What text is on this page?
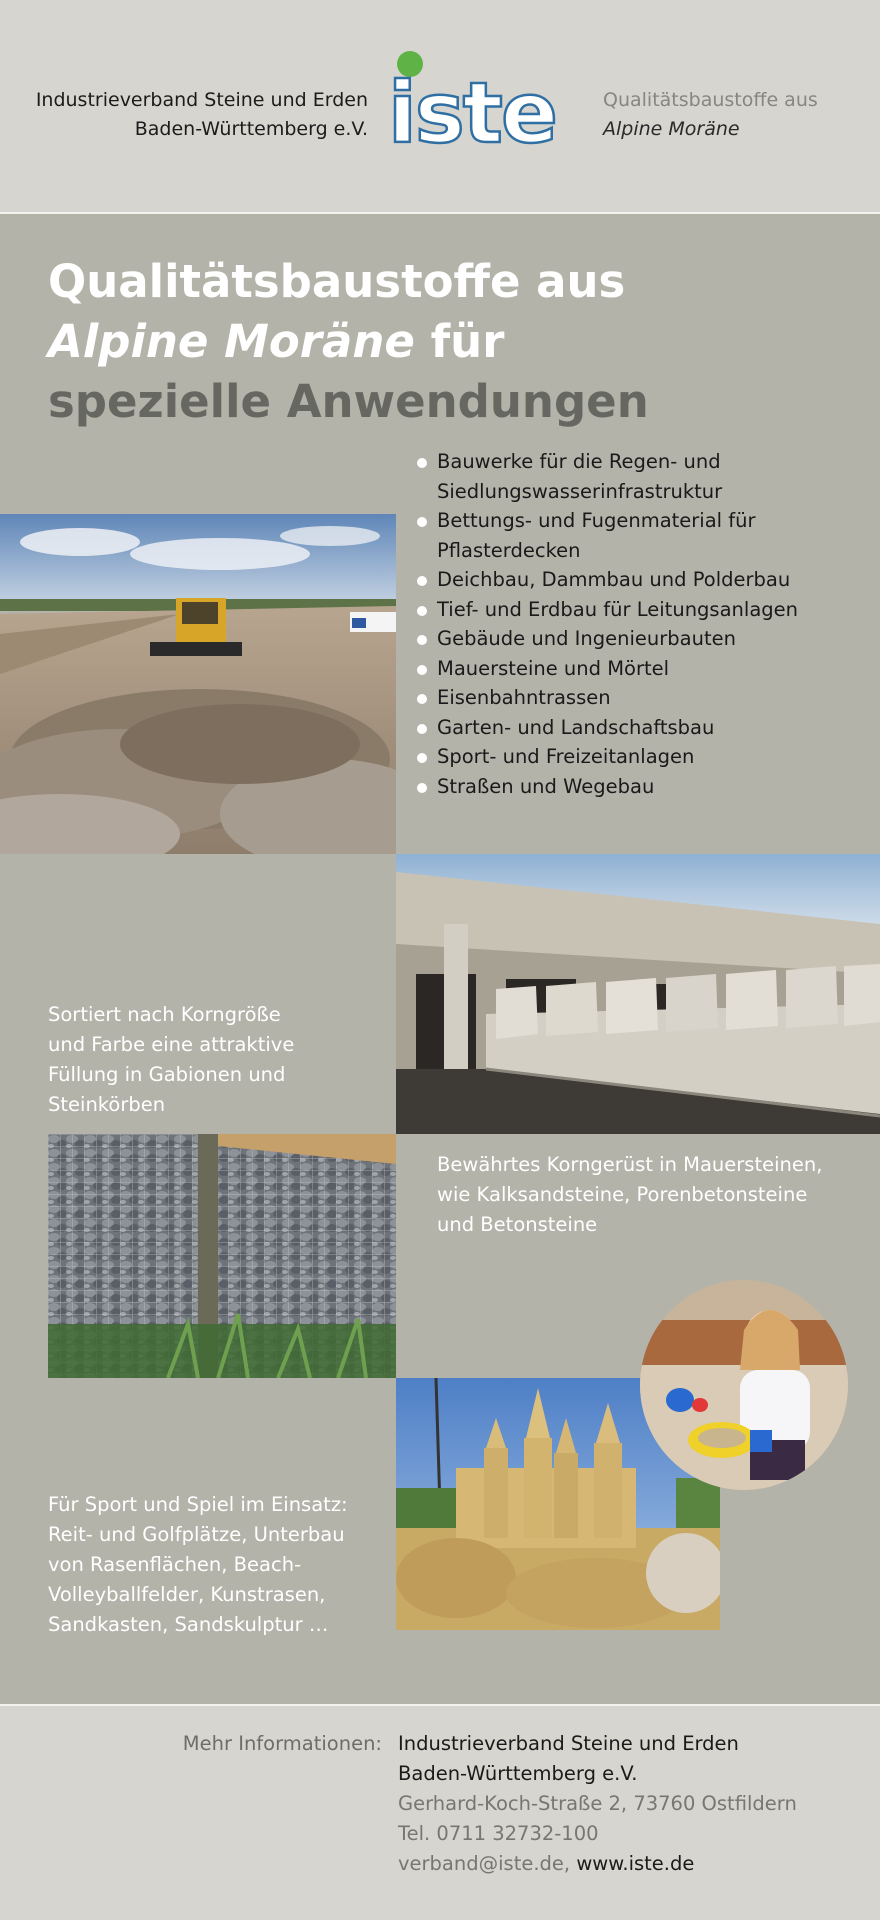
Industrieverband Steine und Erden
Baden-Württemberg e.V. iste Qualitätsbaustoffe aus
Alpine Moräne
Qualitätsbaustoffe aus
Alpine Moräne für
spezielle Anwendungen
Bauwerke für die Regen- und
Siedlungswasserinfrastruktur
Bettungs- und Fugenmaterial für
Pflasterdecken
Deichbau, Dammbau und Polderbau
Tief- und Erdbau für Leitungsanlagen
Gebäude und Ingenieurbauten
Mauersteine und Mörtel
Eisenbahntrassen
Garten- und Landschaftsbau
Sport- und Freizeitanlagen
Straßen und Wegebau
Sortiert nach Korngröße
und Farbe eine attraktive
Füllung in Gabionen und
Steinkörben
Bewährtes Korngerüst in Mauersteinen,
wie Kalksandsteine, Porenbetonsteine
und Betonsteine
Für Sport und Spiel im Einsatz:
Reit- und Golfplätze, Unterbau
von Rasenflächen, Beach-
Volleyballfelder, Kunstrasen,
Sandkasten, Sandskulptur …
Mehr Informationen: Industrieverband Steine und Erden
Baden-Württemberg e.V.
Gerhard-Koch-Straße 2, 73760 Ostfildern
Tel. 0711 32732-100
verband@iste.de, www.iste.de
